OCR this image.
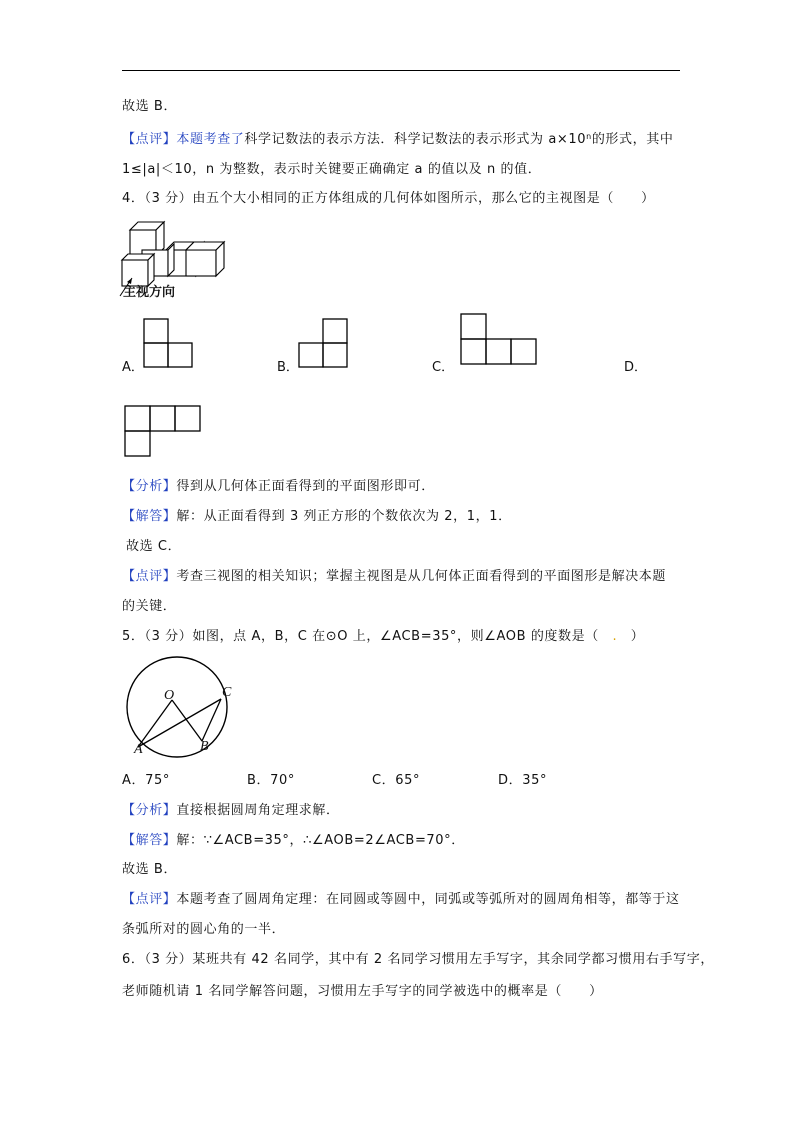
故选 B．
【点评】本题考查了科学记数法的表示方法．科学记数法的表示形式为 $a\times 10^n$的形式，其中
1≤|a|＜10，n 为整数，表示时关键要正确确定 a 的值以及 n 的值．
4．（3 分）由五个大小相同的正方体组成的几何体如图所示，那么它的主视图是（　　）
主视方向
A．	B．	C．	D．
【分析】得到从几何体正面看得到的平面图形即可．
【解答】解：从正面看得到 3 列正方形的个数依次为 2，1，1．
故选 C．
【点评】考查三视图的相关知识；掌握主视图是从几何体正面看得到的平面图形是解决本题
的关键．
5．（3 分）如图，点 A，B，C 在⊙O 上，∠ACB=35°，则∠AOB 的度数是（　.　）
O
A	B
C
A．75°	B．70°	C．65°	D．35°
【分析】直接根据圆周角定理求解．
【解答】解：∵∠ACB=35°，∴∠AOB=2∠ACB=70°．
故选 B．
【点评】本题考查了圆周角定理：在同圆或等圆中，同弧或等弧所对的圆周角相等，都等于这
条弧所对的圆心角的一半．
6．（3 分）某班共有 42 名同学，其中有 2 名同学习惯用左手写字，其余同学都习惯用右手写字，
老师随机请 1 名同学解答问题，习惯用左手写字的同学被选中的概率是（　　）
